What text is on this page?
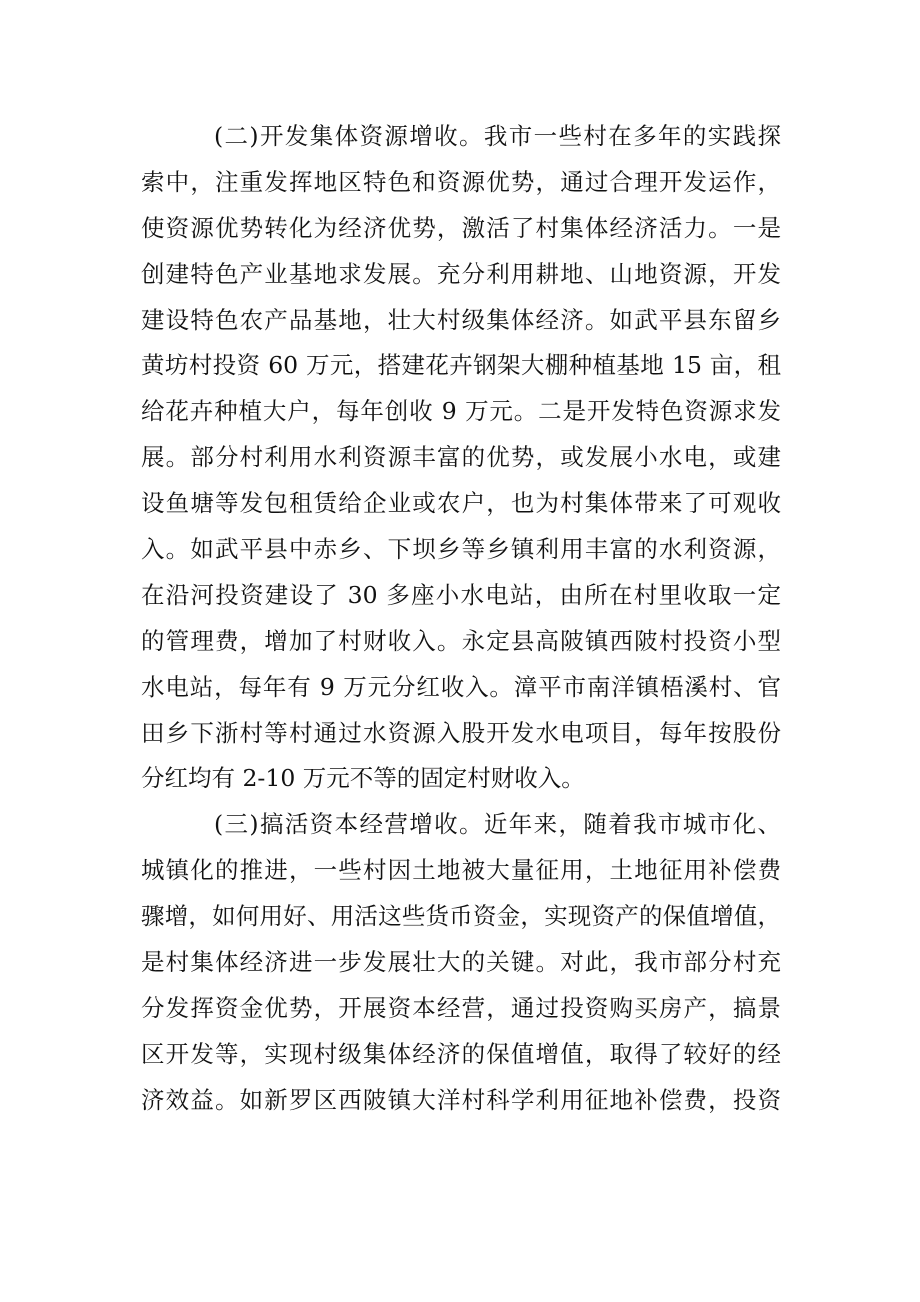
(二)开发集体资源增收。我市一些村在多年的实践探
索中，注重发挥地区特色和资源优势，通过合理开发运作，
使资源优势转化为经济优势，激活了村集体经济活力。一是
创建特色产业基地求发展。充分利用耕地、山地资源，开发
建设特色农产品基地，壮大村级集体经济。如武平县东留乡
黄坊村投资 60 万元，搭建花卉钢架大棚种植基地 15 亩，租
给花卉种植大户，每年创收 9 万元。二是开发特色资源求发
展。部分村利用水利资源丰富的优势，或发展小水电，或建
设鱼塘等发包租赁给企业或农户，也为村集体带来了可观收
入。如武平县中赤乡、下坝乡等乡镇利用丰富的水利资源，
在沿河投资建设了 30 多座小水电站，由所在村里收取一定
的管理费，增加了村财收入。永定县高陂镇西陂村投资小型
水电站，每年有 9 万元分红收入。漳平市南洋镇梧溪村、官
田乡下浙村等村通过水资源入股开发水电项目，每年按股份
分红均有 2-10 万元不等的固定村财收入。
(三)搞活资本经营增收。近年来，随着我市城市化、
城镇化的推进，一些村因土地被大量征用，土地征用补偿费
骤增，如何用好、用活这些货币资金，实现资产的保值增值，
是村集体经济进一步发展壮大的关键。对此，我市部分村充
分发挥资金优势，开展资本经营，通过投资购买房产，搞景
区开发等，实现村级集体经济的保值增值，取得了较好的经
济效益。如新罗区西陂镇大洋村科学利用征地补偿费，投资
